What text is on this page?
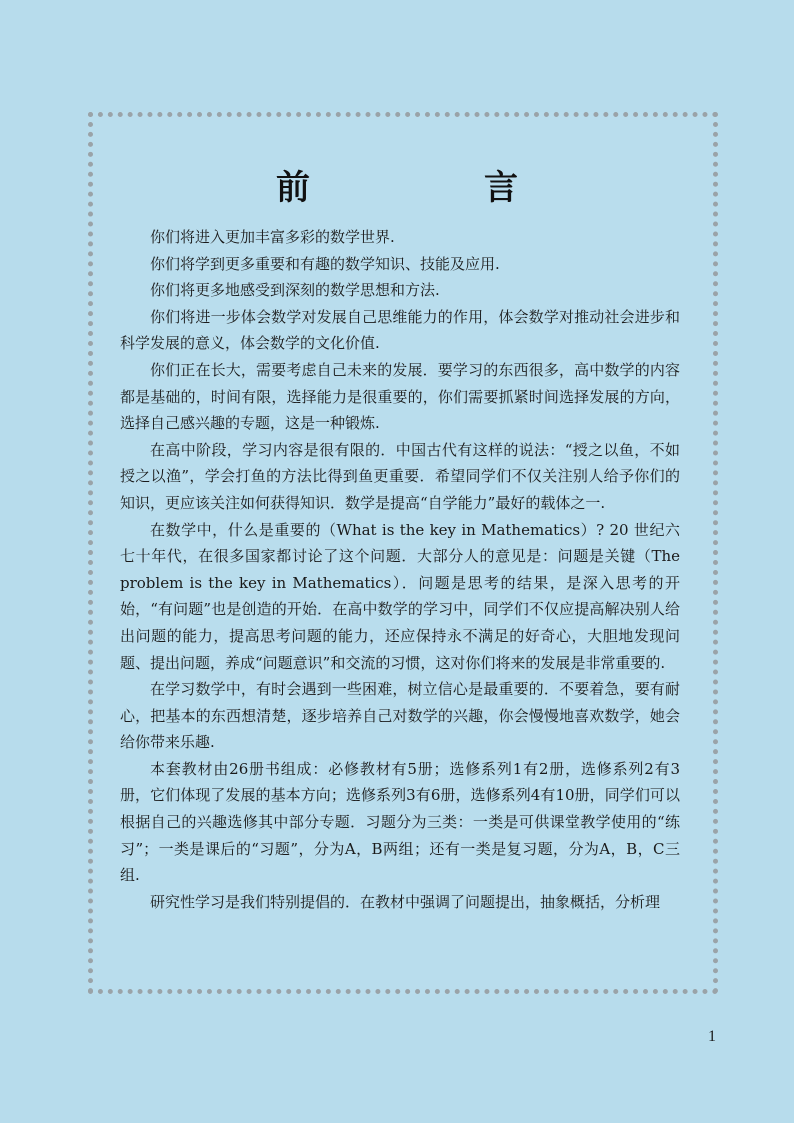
前　言

你们将进入更加丰富多彩的数学世界.

你们将学到更多重要和有趣的数学知识、技能及应用.

你们将更多地感受到深刻的数学思想和方法.

你们将进一步体会数学对发展自己思维能力的作用，体会数学对推动社会进步和科学发展的意义，体会数学的文化价值.

你们正在长大，需要考虑自己未来的发展．要学习的东西很多，高中数学的内容都是基础的，时间有限，选择能力是很重要的，你们需要抓紧时间选择发展的方向，选择自己感兴趣的专题，这是一种锻炼.

在高中阶段，学习内容是很有限的．中国古代有这样的说法：“授之以鱼，不如授之以渔”，学会打鱼的方法比得到鱼更重要．希望同学们不仅关注别人给予你们的知识，更应该关注如何获得知识．数学是提高“自学能力”最好的载体之一.

在数学中，什么是重要的（What is the key in Mathematics）? 20 世纪六七十年代，在很多国家都讨论了这个问题．大部分人的意见是：问题是关键（The problem is the key in Mathematics）．问题是思考的结果，是深入思考的开始，“有问题”也是创造的开始．在高中数学的学习中，同学们不仅应提高解决别人给出问题的能力，提高思考问题的能力，还应保持永不满足的好奇心，大胆地发现问题、提出问题，养成“问题意识”和交流的习惯，这对你们将来的发展是非常重要的.

在学习数学中，有时会遇到一些困难，树立信心是最重要的．不要着急，要有耐心，把基本的东西想清楚，逐步培养自己对数学的兴趣，你会慢慢地喜欢数学，她会给你带来乐趣.

本套教材由26册书组成：必修教材有5册；选修系列1有2册，选修系列2有3册，它们体现了发展的基本方向；选修系列3有6册，选修系列4有10册，同学们可以根据自己的兴趣选修其中部分专题．习题分为三类：一类是可供课堂教学使用的“练习”；一类是课后的“习题”，分为A，B两组；还有一类是复习题，分为A，B，C三组.

研究性学习是我们特别提倡的．在教材中强调了问题提出，抽象概括，分析理

1
